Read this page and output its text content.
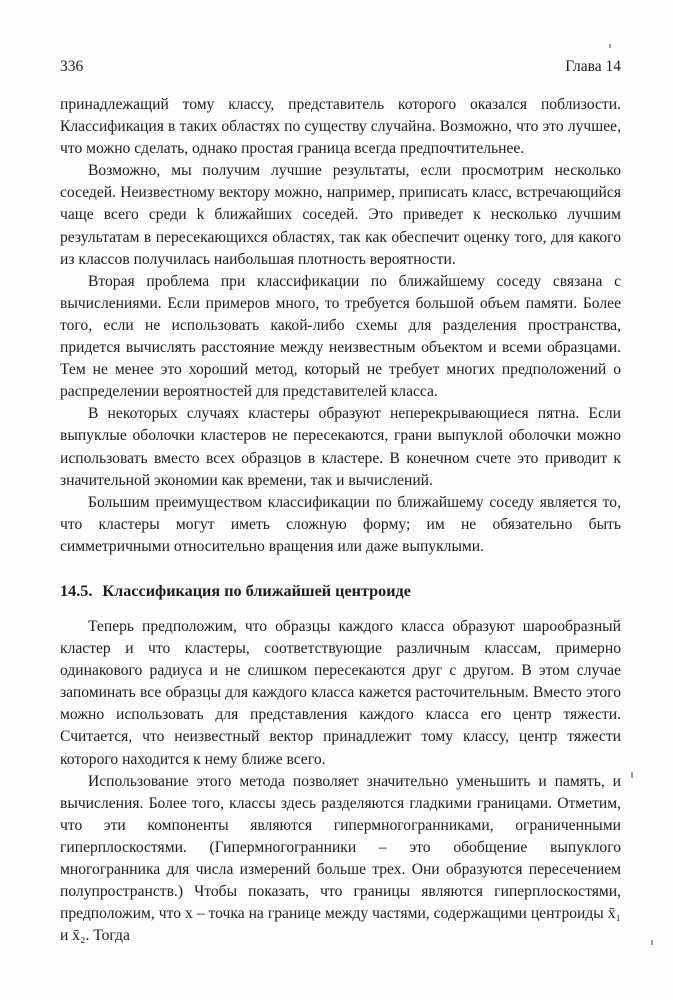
336	Глава 14

принадлежащий тому классу, представитель которого оказался поблизости. Классификация в таких областях по существу случайна. Возможно, что это лучшее, что можно сделать, однако простая граница всегда предпочтительнее.

Возможно, мы получим лучшие результаты, если просмотрим несколько соседей. Неизвестному вектору можно, например, приписать класс, встречающийся чаще всего среди k ближайших соседей. Это приведет к несколько лучшим результатам в пересекающихся областях, так как обеспечит оценку того, для какого из классов получилась наибольшая плотность вероятности.

Вторая проблема при классификации по ближайшему соседу связана с вычислениями. Если примеров много, то требуется большой объем памяти. Более того, если не использовать какой-либо схемы для разделения пространства, придется вычислять расстояние между неизвестным объектом и всеми образцами. Тем не менее это хороший метод, который не требует многих предположений о распределении вероятностей для представителей класса.

В некоторых случаях кластеры образуют неперекрывающиеся пятна. Если выпуклые оболочки кластеров не пересекаются, грани выпуклой оболочки можно использовать вместо всех образцов в кластере. В конечном счете это приводит к значительной экономии как времени, так и вычислений.

Большим преимуществом классификации по ближайшему соседу является то, что кластеры могут иметь сложную форму; им не обязательно быть симметричными относительно вращения или даже выпуклыми.

14.5. Классификация по ближайшей центроиде

Теперь предположим, что образцы каждого класса образуют шарообразный кластер и что кластеры, соответствующие различным классам, примерно одинакового радиуса и не слишком пересекаются друг с другом. В этом случае запоминать все образцы для каждого класса кажется расточительным. Вместо этого можно использовать для представления каждого класса его центр тяжести. Считается, что неизвестный вектор принадлежит тому классу, центр тяжести которого находится к нему ближе всего.

Использование этого метода позволяет значительно уменьшить и память, и вычисления. Более того, классы здесь разделяются гладкими границами. Отметим, что эти компоненты являются гипермногогранниками, ограниченными гиперплоскостями. (Гипермногогранники – это обобщение выпуклого многогранника для числа измерений больше трех. Они образуются пересечением полупространств.) Чтобы показать, что границы являются гиперплоскостями, предположим, что x – точка на границе между частями, содержащими центроиды x̄₁ и x̄₂. Тогда
